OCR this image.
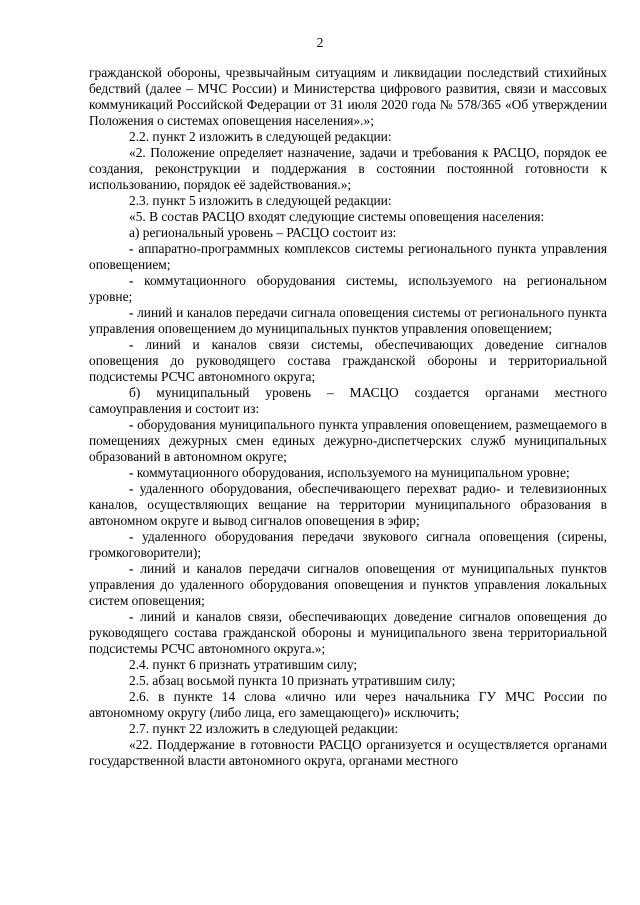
2

гражданской обороны, чрезвычайным ситуациям и ликвидации последствий стихийных бедствий (далее – МЧС России) и Министерства цифрового развития, связи и массовых коммуникаций Российской Федерации от 31 июля 2020 года № 578/365 «Об утверждении Положения о системах оповещения населения».»;

2.2. пункт 2 изложить в следующей редакции:

«2. Положение определяет назначение, задачи и требования к РАСЦО, порядок ее создания, реконструкции и поддержания в состоянии постоянной готовности к использованию, порядок её задействования.»;

2.3. пункт 5 изложить в следующей редакции:

«5. В состав РАСЦО входят следующие системы оповещения населения:

а) региональный уровень – РАСЦО состоит из:

- аппаратно-программных комплексов системы регионального пункта управления оповещением;

- коммутационного оборудования системы, используемого на региональном уровне;

- линий и каналов передачи сигнала оповещения системы от регионального пункта управления оповещением до муниципальных пунктов управления оповещением;

- линий и каналов связи системы, обеспечивающих доведение сигналов оповещения до руководящего состава гражданской обороны и территориальной подсистемы РСЧС автономного округа;

б) муниципальный уровень – МАСЦО создается органами местного самоуправления и состоит из:

- оборудования муниципального пункта управления оповещением, размещаемого в помещениях дежурных смен единых дежурно-диспетчерских служб муниципальных образований в автономном округе;

- коммутационного оборудования, используемого на муниципальном уровне;

- удаленного оборудования, обеспечивающего перехват радио- и телевизионных каналов, осуществляющих вещание на территории муниципального образования в автономном округе и вывод сигналов оповещения в эфир;

- удаленного оборудования передачи звукового сигнала оповещения (сирены, громкоговорители);

- линий и каналов передачи сигналов оповещения от муниципальных пунктов управления до удаленного оборудования оповещения и пунктов управления локальных систем оповещения;

- линий и каналов связи, обеспечивающих доведение сигналов оповещения до руководящего состава гражданской обороны и муниципального звена территориальной подсистемы РСЧС автономного округа.»;

2.4. пункт 6 признать утратившим силу;

2.5. абзац восьмой пункта 10 признать утратившим силу;

2.6. в пункте 14 слова «лично или через начальника ГУ МЧС России по автономному округу (либо лица, его замещающего)» исключить;

2.7. пункт 22 изложить в следующей редакции:

«22. Поддержание в готовности РАСЦО организуется и осуществляется органами государственной власти автономного округа, органами местного
